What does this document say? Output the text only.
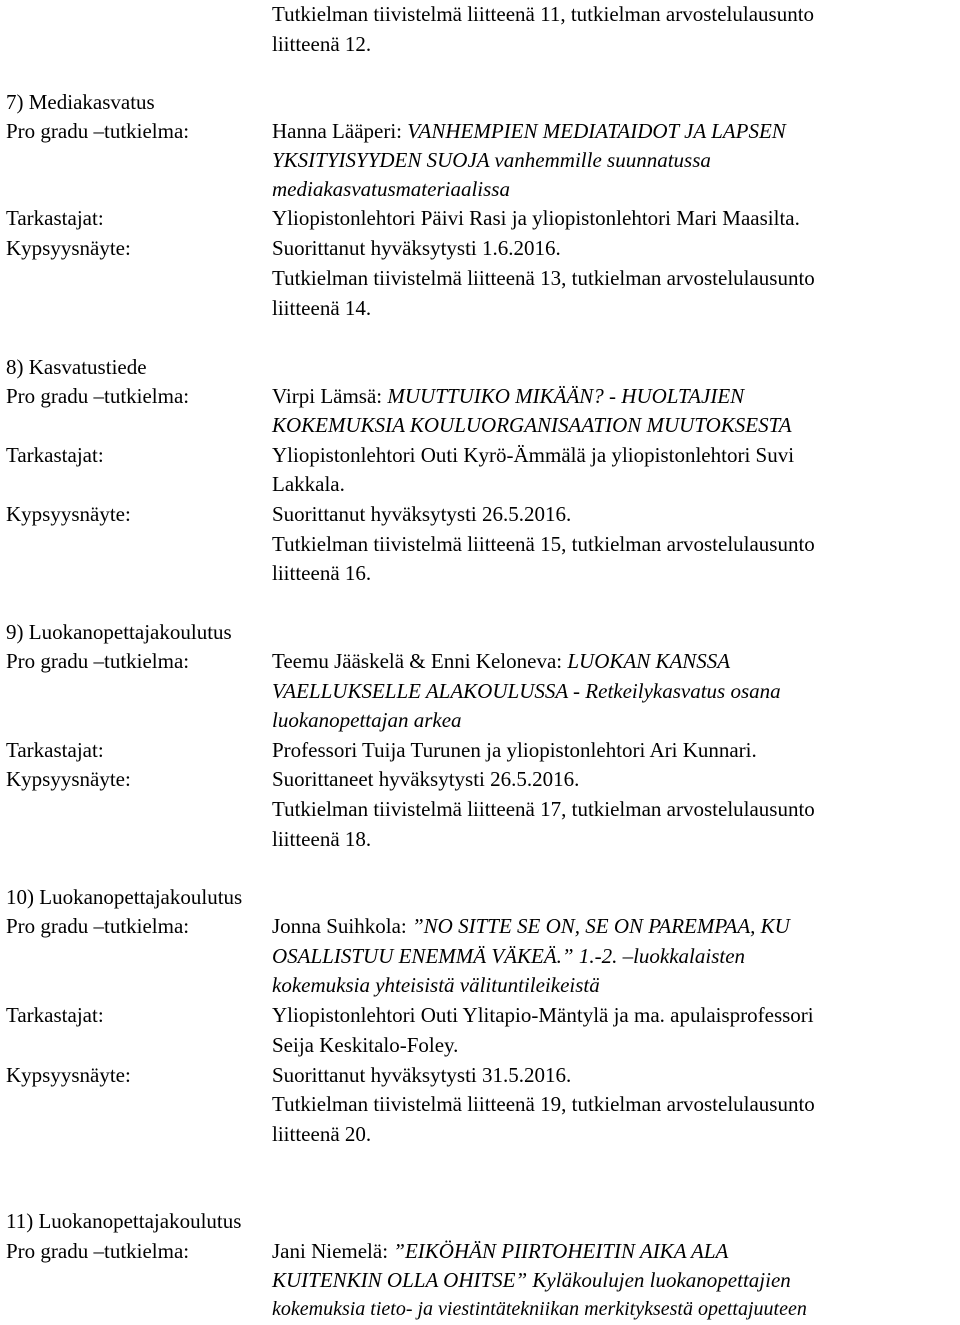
Tutkielman tiivistelmä liitteenä 11, tutkielman arvostelulausunto
liitteenä 12.
7) Mediakasvatus
Pro gradu –tutkielma:	Hanna Lääperi: VANHEMPIEN MEDIATAIDOT JA LAPSEN
YKSITYISYYDEN SUOJA vanhemmille suunnatussa
mediakasvatusmateriaalissa
Tarkastajat:	Yliopistonlehtori Päivi Rasi ja yliopistonlehtori Mari Maasilta.
Kypsyysnäyte:	Suorittanut hyväksytysti 1.6.2016.
Tutkielman tiivistelmä liitteenä 13, tutkielman arvostelulausunto
liitteenä 14.
8) Kasvatustiede
Pro gradu –tutkielma:	Virpi Lämsä: MUUTTUIKO MIKÄÄN? - HUOLTAJIEN
KOKEMUKSIA KOULUORGANISAATION MUUTOKSESTA
Tarkastajat:	Yliopistonlehtori Outi Kyrö-Ämmälä ja yliopistonlehtori Suvi
Lakkala.
Kypsyysnäyte:	Suorittanut hyväksytysti 26.5.2016.
Tutkielman tiivistelmä liitteenä 15, tutkielman arvostelulausunto
liitteenä 16.
9) Luokanopettajakoulutus
Pro gradu –tutkielma:	Teemu Jääskelä & Enni Keloneva: LUOKAN KANSSA
VAELLUKSELLE ALAKOULUSSA - Retkeilykasvatus osana
luokanopettajan arkea
Tarkastajat:	Professori Tuija Turunen ja yliopistonlehtori Ari Kunnari.
Kypsyysnäyte:	Suorittaneet hyväksytysti 26.5.2016.
Tutkielman tiivistelmä liitteenä 17, tutkielman arvostelulausunto
liitteenä 18.
10) Luokanopettajakoulutus
Pro gradu –tutkielma:	Jonna Suihkola: ”NO SITTE SE ON, SE ON PAREMPAA, KU
OSALLISTUU ENEMMÄ VÄKEÄ.” 1.-2. –luokkalaisten
kokemuksia yhteisistä välituntileikeistä
Tarkastajat:	Yliopistonlehtori Outi Ylitapio-Mäntylä ja ma. apulaisprofessori
Seija Keskitalo-Foley.
Kypsyysnäyte:	Suorittanut hyväksytysti 31.5.2016.
Tutkielman tiivistelmä liitteenä 19, tutkielman arvostelulausunto
liitteenä 20.
11) Luokanopettajakoulutus
Pro gradu –tutkielma:	Jani Niemelä: ”EIKÖHÄN PIIRTOHEITIN AIKA ALA
KUITENKIN OLLA OHITSE” Kyläkoulujen luokanopettajien
kokemuksia tieto- ja viestintätekniikan merkityksestä opettajuuteen
